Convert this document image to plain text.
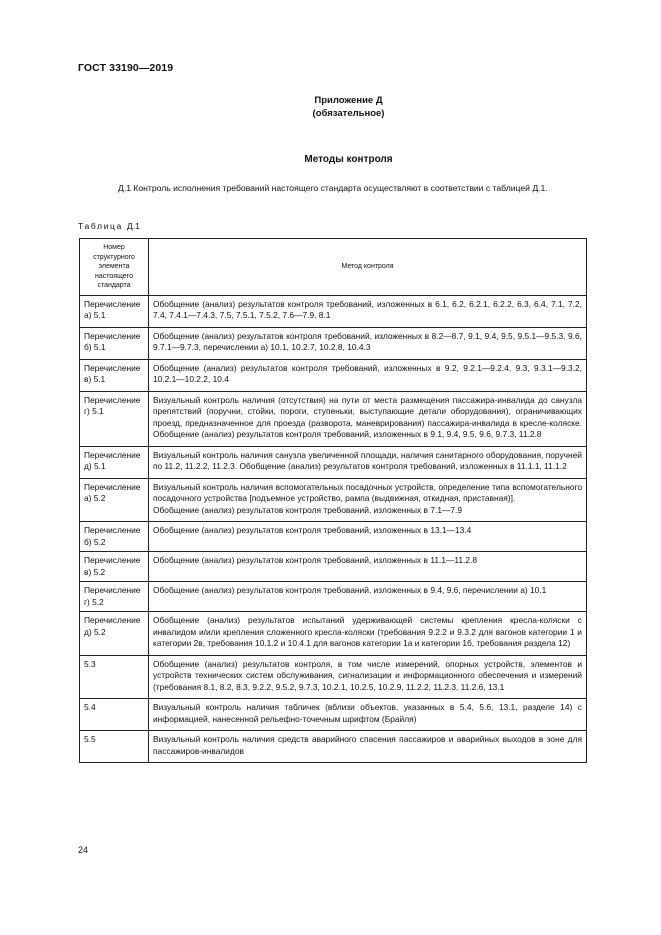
ГОСТ 33190—2019
Приложение Д
(обязательное)
Методы контроля
Д.1 Контроль исполнения требований настоящего стандарта осуществляют в соответствии с таблицей Д.1.
Таблица Д.1
Номер структурного элемента настоящего стандарта	Метод контроля
Перечисление а) 5.1	Обобщение (анализ) результатов контроля требований, изложенных в 6.1, 6.2, 6.2.1, 6.2.2, 6.3, 6.4, 7.1, 7.2, 7.4, 7.4.1—7.4.3, 7.5, 7.5.1, 7.5.2, 7.6—7.9, 8.1

Перечисление б) 5.1	Обобщение (анализ) результатов контроля требований, изложенных в 8.2—8.7, 9.1, 9.4, 9.5, 9.5.1—9.5.3, 9.6, 9.7.1—9.7.3, перечислении а) 10.1, 10.2.7, 10.2.8, 10.4.3

Перечисление в) 5.1	Обобщение (анализ) результатов контроля требований, изложенных в 9.2, 9.2.1—9.2.4, 9.3, 9.3.1—9.3.2, 10.2.1—10.2.2, 10.4

Перечисление г) 5.1	Визуальный контроль наличия (отсутствия) на пути от места размещения пассажира-инвалида до санузла препятствий (поручни, стойки, пороги, ступеньки, выступающие детали оборудования), ограничивающих проезд, предназначенное для проезда (разворота, маневрирования) пассажира-инвалида в кресле-коляске. Обобщение (анализ) результатов контроля требований, изложенных в 9.1, 9.4, 9.5, 9.6, 9.7.3, 11.2.8

Перечисление д) 5.1	Визуальный контроль наличия санузла увеличенной площади, наличия санитарного оборудования, поручней по 11.2, 11.2.2, 11.2.3. Обобщение (анализ) результатов контроля требований, изложенных в 11.1.1, 11.1.2

Перечисление а) 5.2	Визуальный контроль наличия вспомогательных посадочных устройств, определение типа вспомогательного посадочного устройства [подъемное устройство, рампа (выдвижная, откидная, приставная)].
Обобщение (анализ) результатов контроля требований, изложенных в 7.1—7.9

Перечисление б) 5.2	Обобщение (анализ) результатов контроля требований, изложенных в 13.1—13.4

Перечисление в) 5.2	Обобщение (анализ) результатов контроля требований, изложенных в 11.1—11.2.8

Перечисление г) 5.2	Обобщение (анализ) результатов контроля требований, изложенных в 9.4, 9.6, перечислении а) 10.1

Перечисление д) 5.2	Обобщение (анализ) результатов испытаний удерживающей системы крепления кресла-коляски с инвалидом и/или крепления сложенного кресла-коляски (требования 9.2.2 и 9.3.2 для вагонов категории 1 и категории 2в, требования 10.1.2 и 10.4.1 для вагонов категории 1а и категории 1б, требования раздела 12)

5.3	Обобщение (анализ) результатов контроля, в том числе измерений, опорных устройств, элементов и устройств технических систем обслуживания, сигнализации и информационного обеспечения и измерений (требования 8.1, 8.2, 8.3, 9.2.2, 9.5.2, 9.7.3, 10.2.1, 10.2.5, 10.2.9, 11.2.2, 11.2.3, 11.2.6, 13.1

5.4	Визуальный контроль наличия табличек (вблизи объектов, указанных в 5.4, 5.6, 13.1, разделе 14) с информацией, нанесенной рельефно-точечным шрифтом (Брайля)

5.5	Визуальный контроль наличия средств аварийного спасения пассажиров и аварийных выходов в зоне для пассажиров-инвалидов
24
